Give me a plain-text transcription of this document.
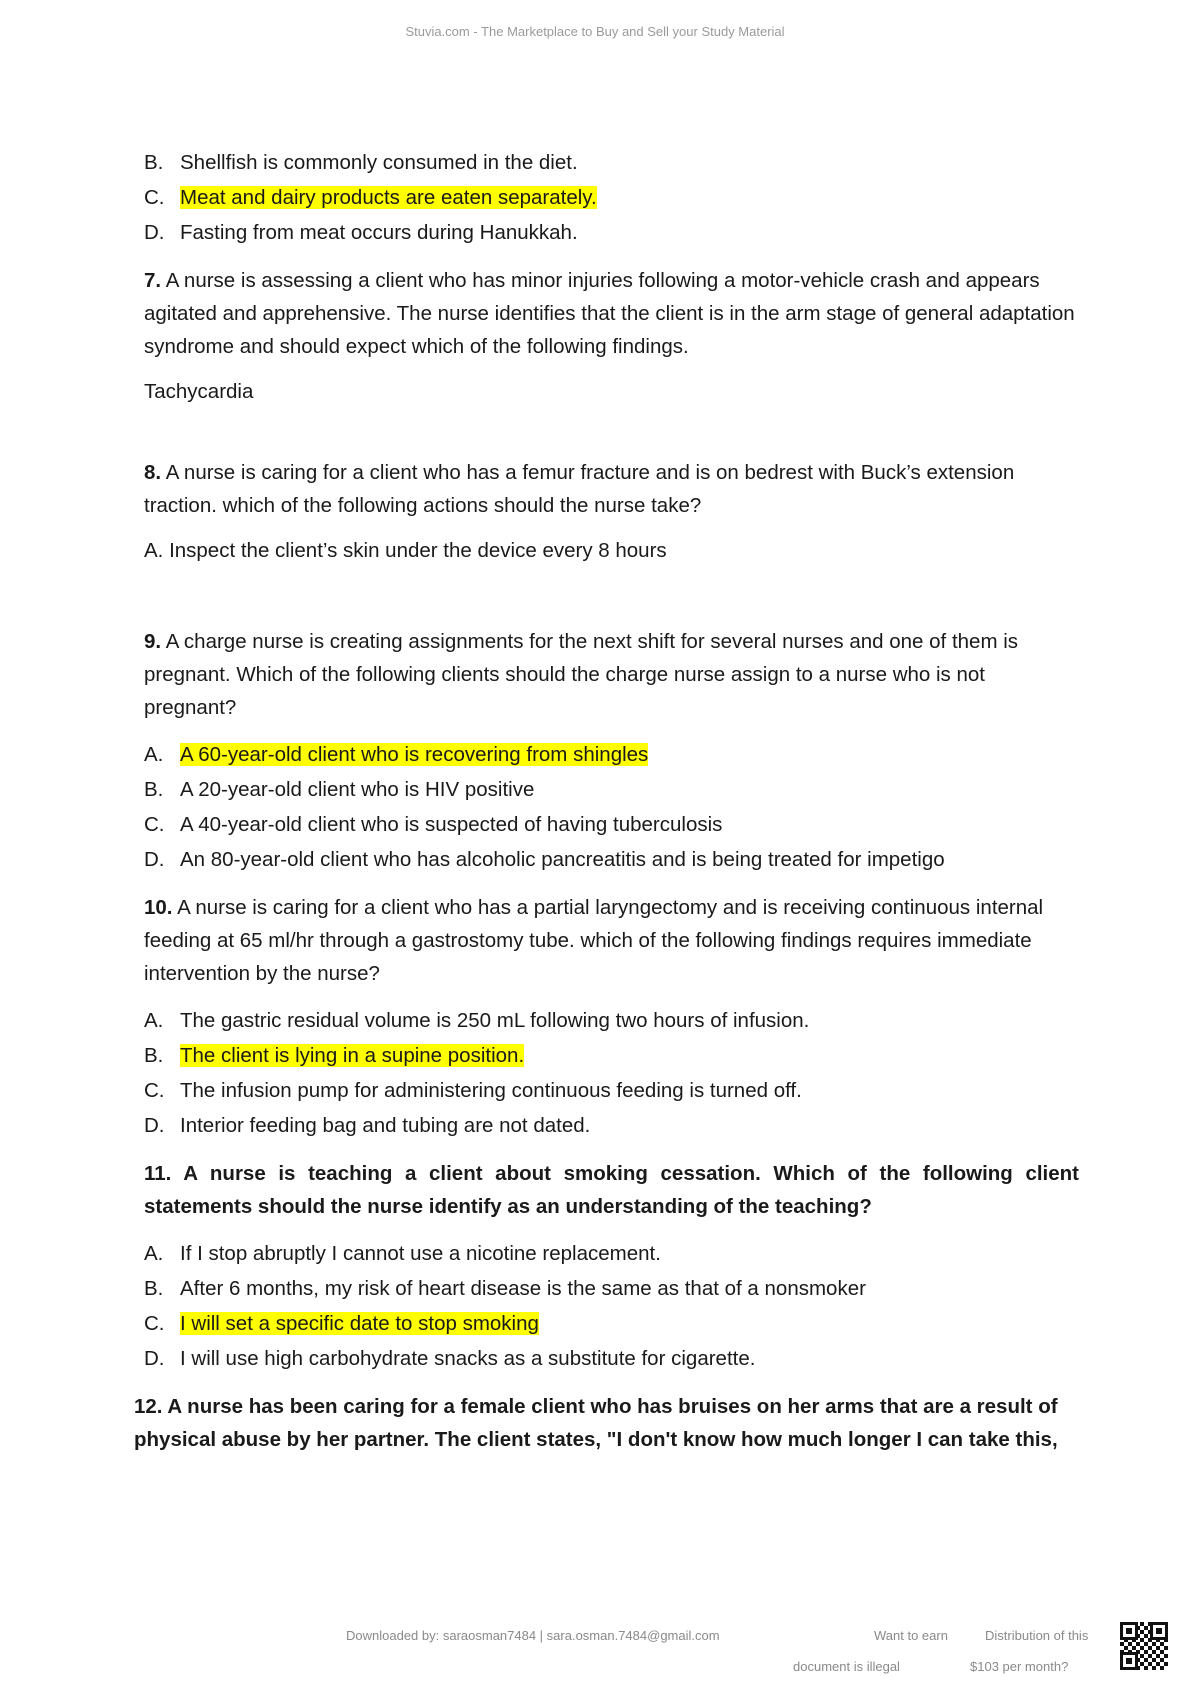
Stuvia.com - The Marketplace to Buy and Sell your Study Material
B. Shellfish is commonly consumed in the diet.
C. Meat and dairy products are eaten separately.
D. Fasting from meat occurs during Hanukkah.
7. A nurse is assessing a client who has minor injuries following a motor-vehicle crash and appears agitated and apprehensive. The nurse identifies that the client is in the arm stage of general adaptation syndrome and should expect which of the following findings.
Tachycardia
8. A nurse is caring for a client who has a femur fracture and is on bedrest with Buck’s extension traction. which of the following actions should the nurse take?
A. Inspect the client’s skin under the device every 8 hours
9. A charge nurse is creating assignments for the next shift for several nurses and one of them is pregnant. Which of the following clients should the charge nurse assign to a nurse who is not pregnant?
A. A 60-year-old client who is recovering from shingles
B. A 20-year-old client who is HIV positive
C. A 40-year-old client who is suspected of having tuberculosis
D. An 80-year-old client who has alcoholic pancreatitis and is being treated for impetigo
10. A nurse is caring for a client who has a partial laryngectomy and is receiving continuous internal feeding at 65 ml/hr through a gastrostomy tube. which of the following findings requires immediate intervention by the nurse?
A. The gastric residual volume is 250 mL following two hours of infusion.
B. The client is lying in a supine position.
C. The infusion pump for administering continuous feeding is turned off.
D. Interior feeding bag and tubing are not dated.
11. A nurse is teaching a client about smoking cessation. Which of the following client statements should the nurse identify as an understanding of the teaching?
A. If I stop abruptly I cannot use a nicotine replacement.
B. After 6 months, my risk of heart disease is the same as that of a nonsmoker
C. I will set a specific date to stop smoking
D. I will use high carbohydrate snacks as a substitute for cigarette.
12. A nurse has been caring for a female client who has bruises on her arms that are a result of physical abuse by her partner. The client states, "I don't know how much longer I can take this,
Downloaded by: saraosman7484 | sara.osman.7484@gmail.com	Want to earn	Distribution of this
document is illegal	$103 per month?
